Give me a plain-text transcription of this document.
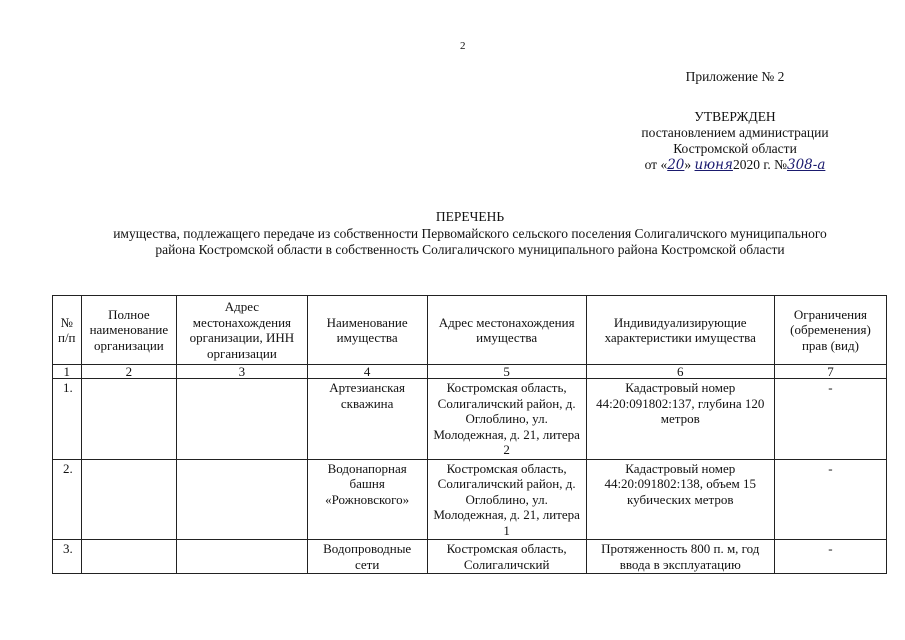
2
Приложение № 2
УТВЕРЖДЕН
постановлением администрации
Костромской области
от «20» июня2020 г. №308-а
ПЕРЕЧЕНЬ
имущества, подлежащего передаче из собственности Первомайского сельского поселения Солигаличского муниципального района Костромской области в собственность Солигаличского муниципального района Костромской области
№ п/п	Полное наименование организации	Адрес местонахождения организации, ИНН организации	Наименование имущества	Адрес местонахождения имущества	Индивидуализирующие характеристики имущества	Ограничения (обременения) прав (вид)
1	2	3	4	5	6	7
1.			Артезианская скважина	Костромская область, Солигаличский район, д. Оглоблино, ул. Молодежная, д. 21, литера 2	Кадастровый номер 44:20:091802:137, глубина 120 метров	-
2.			Водонапорная башня «Рожновского»	Костромская область, Солигаличский район, д. Оглоблино, ул. Молодежная, д. 21, литера 1	Кадастровый номер 44:20:091802:138, объем 15 кубических метров	-
3.			Водопроводные сети	Костромская область, Солигаличский	Протяженность 800 п. м, год ввода в эксплуатацию	-
